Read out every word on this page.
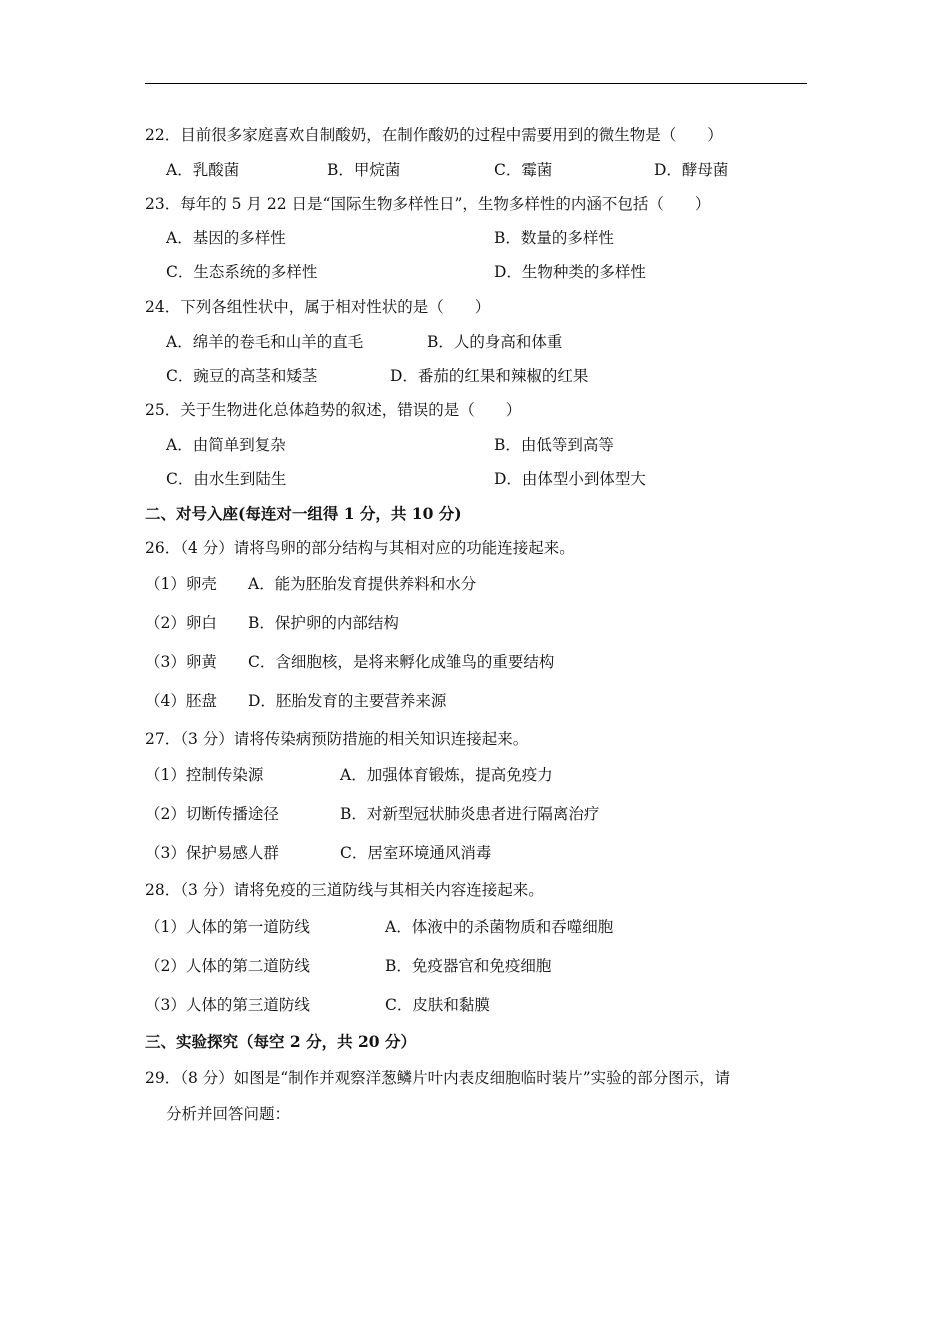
22．目前很多家庭喜欢自制酸奶，在制作酸奶的过程中需要用到的微生物是（　　）
A．乳酸菌	B．甲烷菌	C．霉菌	D．酵母菌
23．每年的 5 月 22 日是“国际生物多样性日”，生物多样性的内涵不包括（　　）
A．基因的多样性	B．数量的多样性
C．生态系统的多样性	D．生物种类的多样性
24．下列各组性状中，属于相对性状的是（　　）
A．绵羊的卷毛和山羊的直毛	B．人的身高和体重
C．豌豆的高茎和矮茎	D．番茄的红果和辣椒的红果
25．关于生物进化总体趋势的叙述，错误的是（　　）
A．由简单到复杂	B．由低等到高等
C．由水生到陆生	D．由体型小到体型大
二、对号入座(每连对一组得 1 分，共 10 分)
26．（4 分）请将鸟卵的部分结构与其相对应的功能连接起来。
（1）卵壳 A．能为胚胎发育提供养料和水分
（2）卵白 B．保护卵的内部结构
（3）卵黄 C．含细胞核，是将来孵化成雏鸟的重要结构
（4）胚盘 D．胚胎发育的主要营养来源
27．（3 分）请将传染病预防措施的相关知识连接起来。
（1）控制传染源	A．加强体育锻炼，提高免疫力
（2）切断传播途径	B．对新型冠状肺炎患者进行隔离治疗
（3）保护易感人群	C．居室环境通风消毒
28．（3 分）请将免疫的三道防线与其相关内容连接起来。
（1）人体的第一道防线	A．体液中的杀菌物质和吞噬细胞
（2）人体的第二道防线	B．免疫器官和免疫细胞
（3）人体的第三道防线	C．皮肤和黏膜
三、实验探究（每空 2 分，共 20 分）
29．（8 分）如图是“制作并观察洋葱鳞片叶内表皮细胞临时装片”实验的部分图示，请
分析并回答问题：
